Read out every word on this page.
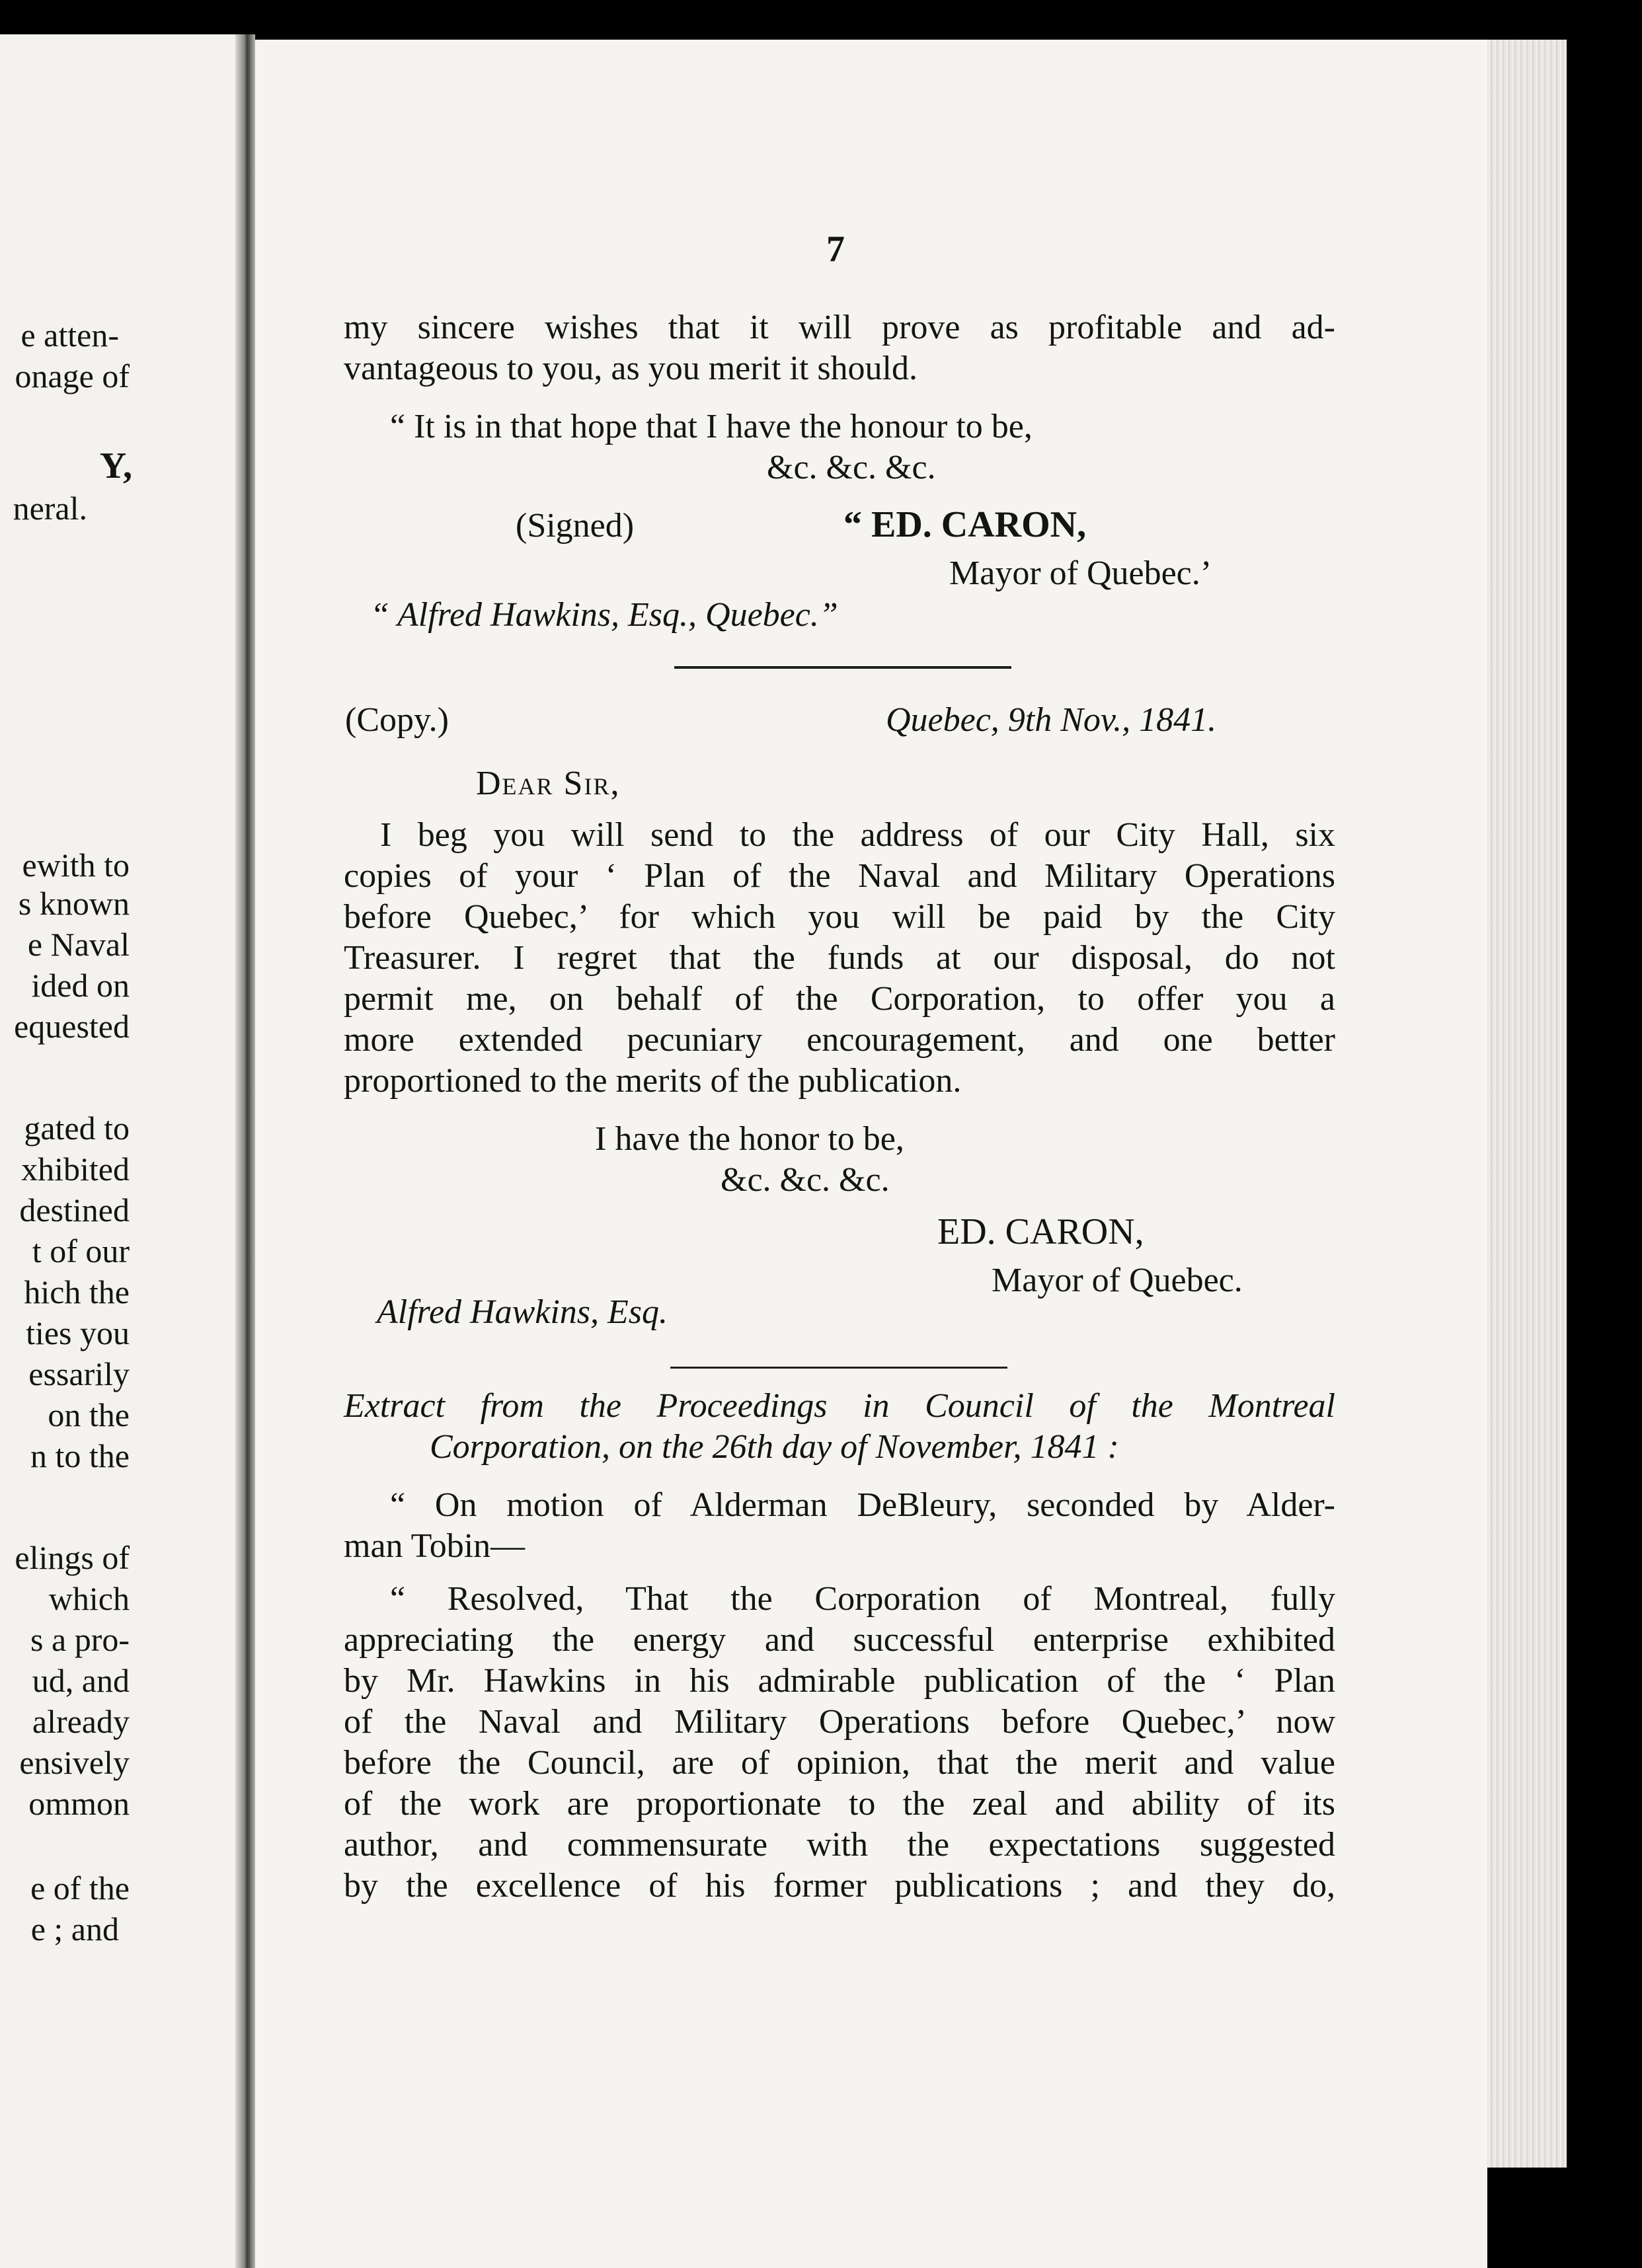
e atten-
onage of
Y,
neral.
ewith to
s known
e Naval
ided on
equested
gated to
xhibited
destined
t of our
hich the
ties you
essarily
on the
n to the
elings of
which
s a pro-
ud, and
already
ensively
ommon
e of the
e ; and
7
my sincere wishes that it will prove as profitable and ad-
vantageous to you, as you merit it should.
“ It is in that hope that I have the honour to be,
&c. &c. &c.
(Signed)	“ ED. CARON,
Mayor of Quebec.’
“ Alfred Hawkins, Esq., Quebec.”
(Copy.)	Quebec, 9th Nov., 1841.
Dear Sir,
I beg you will send to the address of our City Hall, six
copies of your ‘ Plan of the Naval and Military Operations
before Quebec,’ for which you will be paid by the City
Treasurer. I regret that the funds at our disposal, do not
permit me, on behalf of the Corporation, to offer you a
more extended pecuniary encouragement, and one better
proportioned to the merits of the publication.
I have the honor to be,
&c. &c. &c.
ED. CARON,
Mayor of Quebec.
Alfred Hawkins, Esq.
Extract from the Proceedings in Council of the Montreal
Corporation, on the 26th day of November, 1841 :
“ On motion of Alderman DeBleury, seconded by Alder-
man Tobin—
“ Resolved, That the Corporation of Montreal, fully
appreciating the energy and successful enterprise exhibited
by Mr. Hawkins in his admirable publication of the ‘ Plan
of the Naval and Military Operations before Quebec,’ now
before the Council, are of opinion, that the merit and value
of the work are proportionate to the zeal and ability of its
author, and commensurate with the expectations suggested
by the excellence of his former publications ; and they do,
